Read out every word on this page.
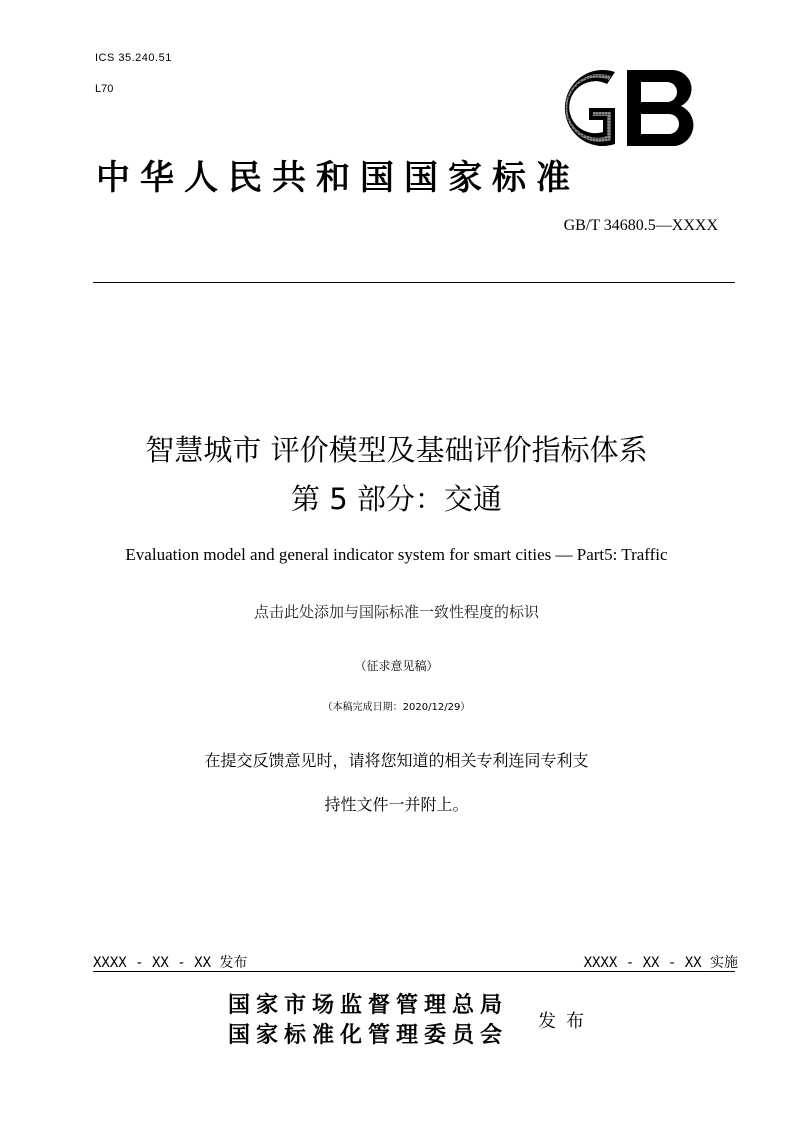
ICS 35.240.51
L70
GB
中华人民共和国国家标准
GB/T 34680.5—XXXX
智慧城市 评价模型及基础评价指标体系
第 5 部分：交通
Evaluation model and general indicator system for smart cities — Part5: Traffic
点击此处添加与国际标准一致性程度的标识
（征求意见稿）
（本稿完成日期：2020/12/29）
在提交反馈意见时，请将您知道的相关专利连同专利支
持性文件一并附上。
XXXX - XX - XX 发布	XXXX - XX - XX 实施
国家市场监督管理总局
国家标准化管理委员会
发布
